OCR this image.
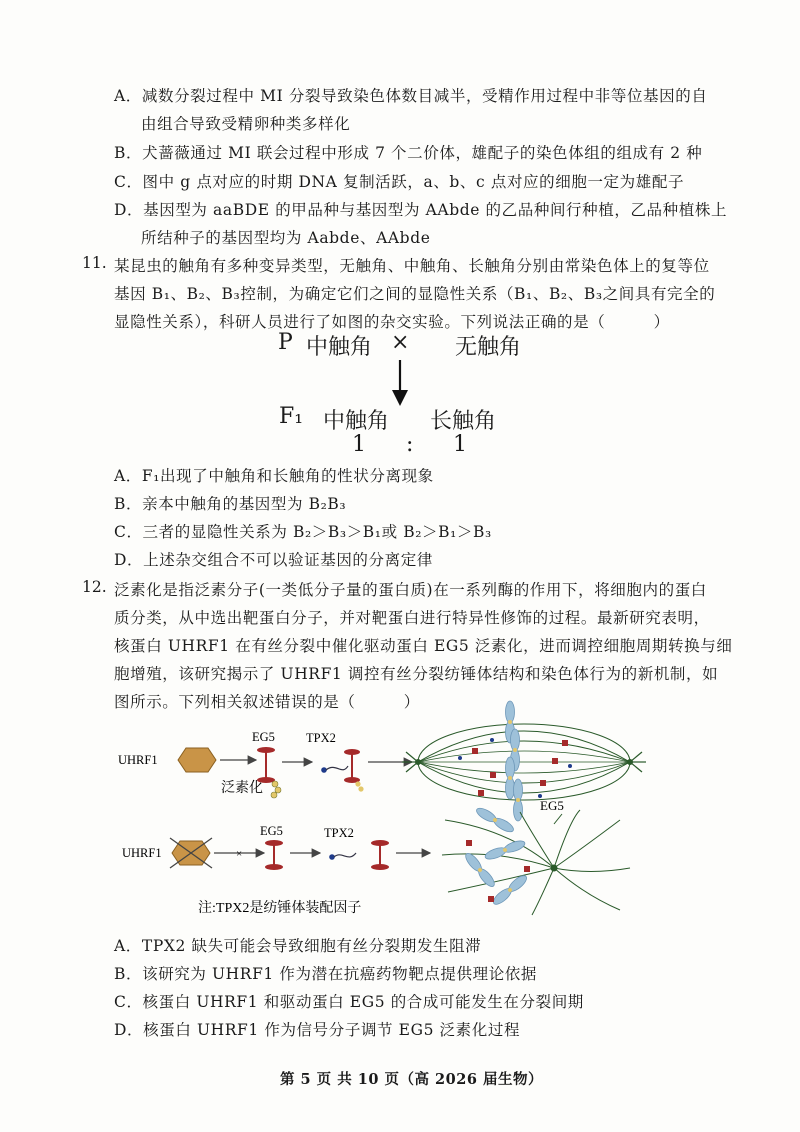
A．减数分裂过程中 MI 分裂导致染色体数目减半，受精作用过程中非等位基因的自
由组合导致受精卵种类多样化
B．犬蔷薇通过 MI 联会过程中形成 7 个二价体，雄配子的染色体组的组成有 2 种
C．图中 g 点对应的时期 DNA 复制活跃，a、b、c 点对应的细胞一定为雄配子
D．基因型为 aaBDE 的甲品种与基因型为 AAbde 的乙品种间行种植，乙品种植株上
所结种子的基因型均为 Aabde、AAbde
11. 某昆虫的触角有多种变异类型，无触角、中触角、长触角分别由常染色体上的复等位
基因 B₁、B₂、B₃控制，为确定它们之间的显隐性关系（B₁、B₂、B₃之间具有完全的
显隐性关系），科研人员进行了如图的杂交实验。下列说法正确的是（　　　）
P 中触角 × 无触角
F₁ 中触角 长触角
1 : 1
A．F₁出现了中触角和长触角的性状分离现象
B．亲本中触角的基因型为 B₂B₃
C．三者的显隐性关系为 B₂＞B₃＞B₁或 B₂＞B₁＞B₃
D．上述杂交组合不可以验证基因的分离定律
12. 泛素化是指泛素分子(一类低分子量的蛋白质)在一系列酶的作用下，将细胞内的蛋白
质分类，从中选出靶蛋白分子，并对靶蛋白进行特异性修饰的过程。最新研究表明，
核蛋白 UHRF1 在有丝分裂中催化驱动蛋白 EG5 泛素化，进而调控细胞周期转换与细
胞增殖，该研究揭示了 UHRF1 调控有丝分裂纺锤体结构和染色体行为的新机制，如
图所示。下列相关叙述错误的是（　　　）
UHRF1
EG5
泛素化
TPX2
UHRF1	×
EG5	TPX2
EG5
注:TPX2是纺锤体装配因子
A．TPX2 缺失可能会导致细胞有丝分裂期发生阻滞
B．该研究为 UHRF1 作为潜在抗癌药物靶点提供理论依据
C．核蛋白 UHRF1 和驱动蛋白 EG5 的合成可能发生在分裂间期
D．核蛋白 UHRF1 作为信号分子调节 EG5 泛素化过程
第 5 页 共 10 页（高 2026 届生物）
